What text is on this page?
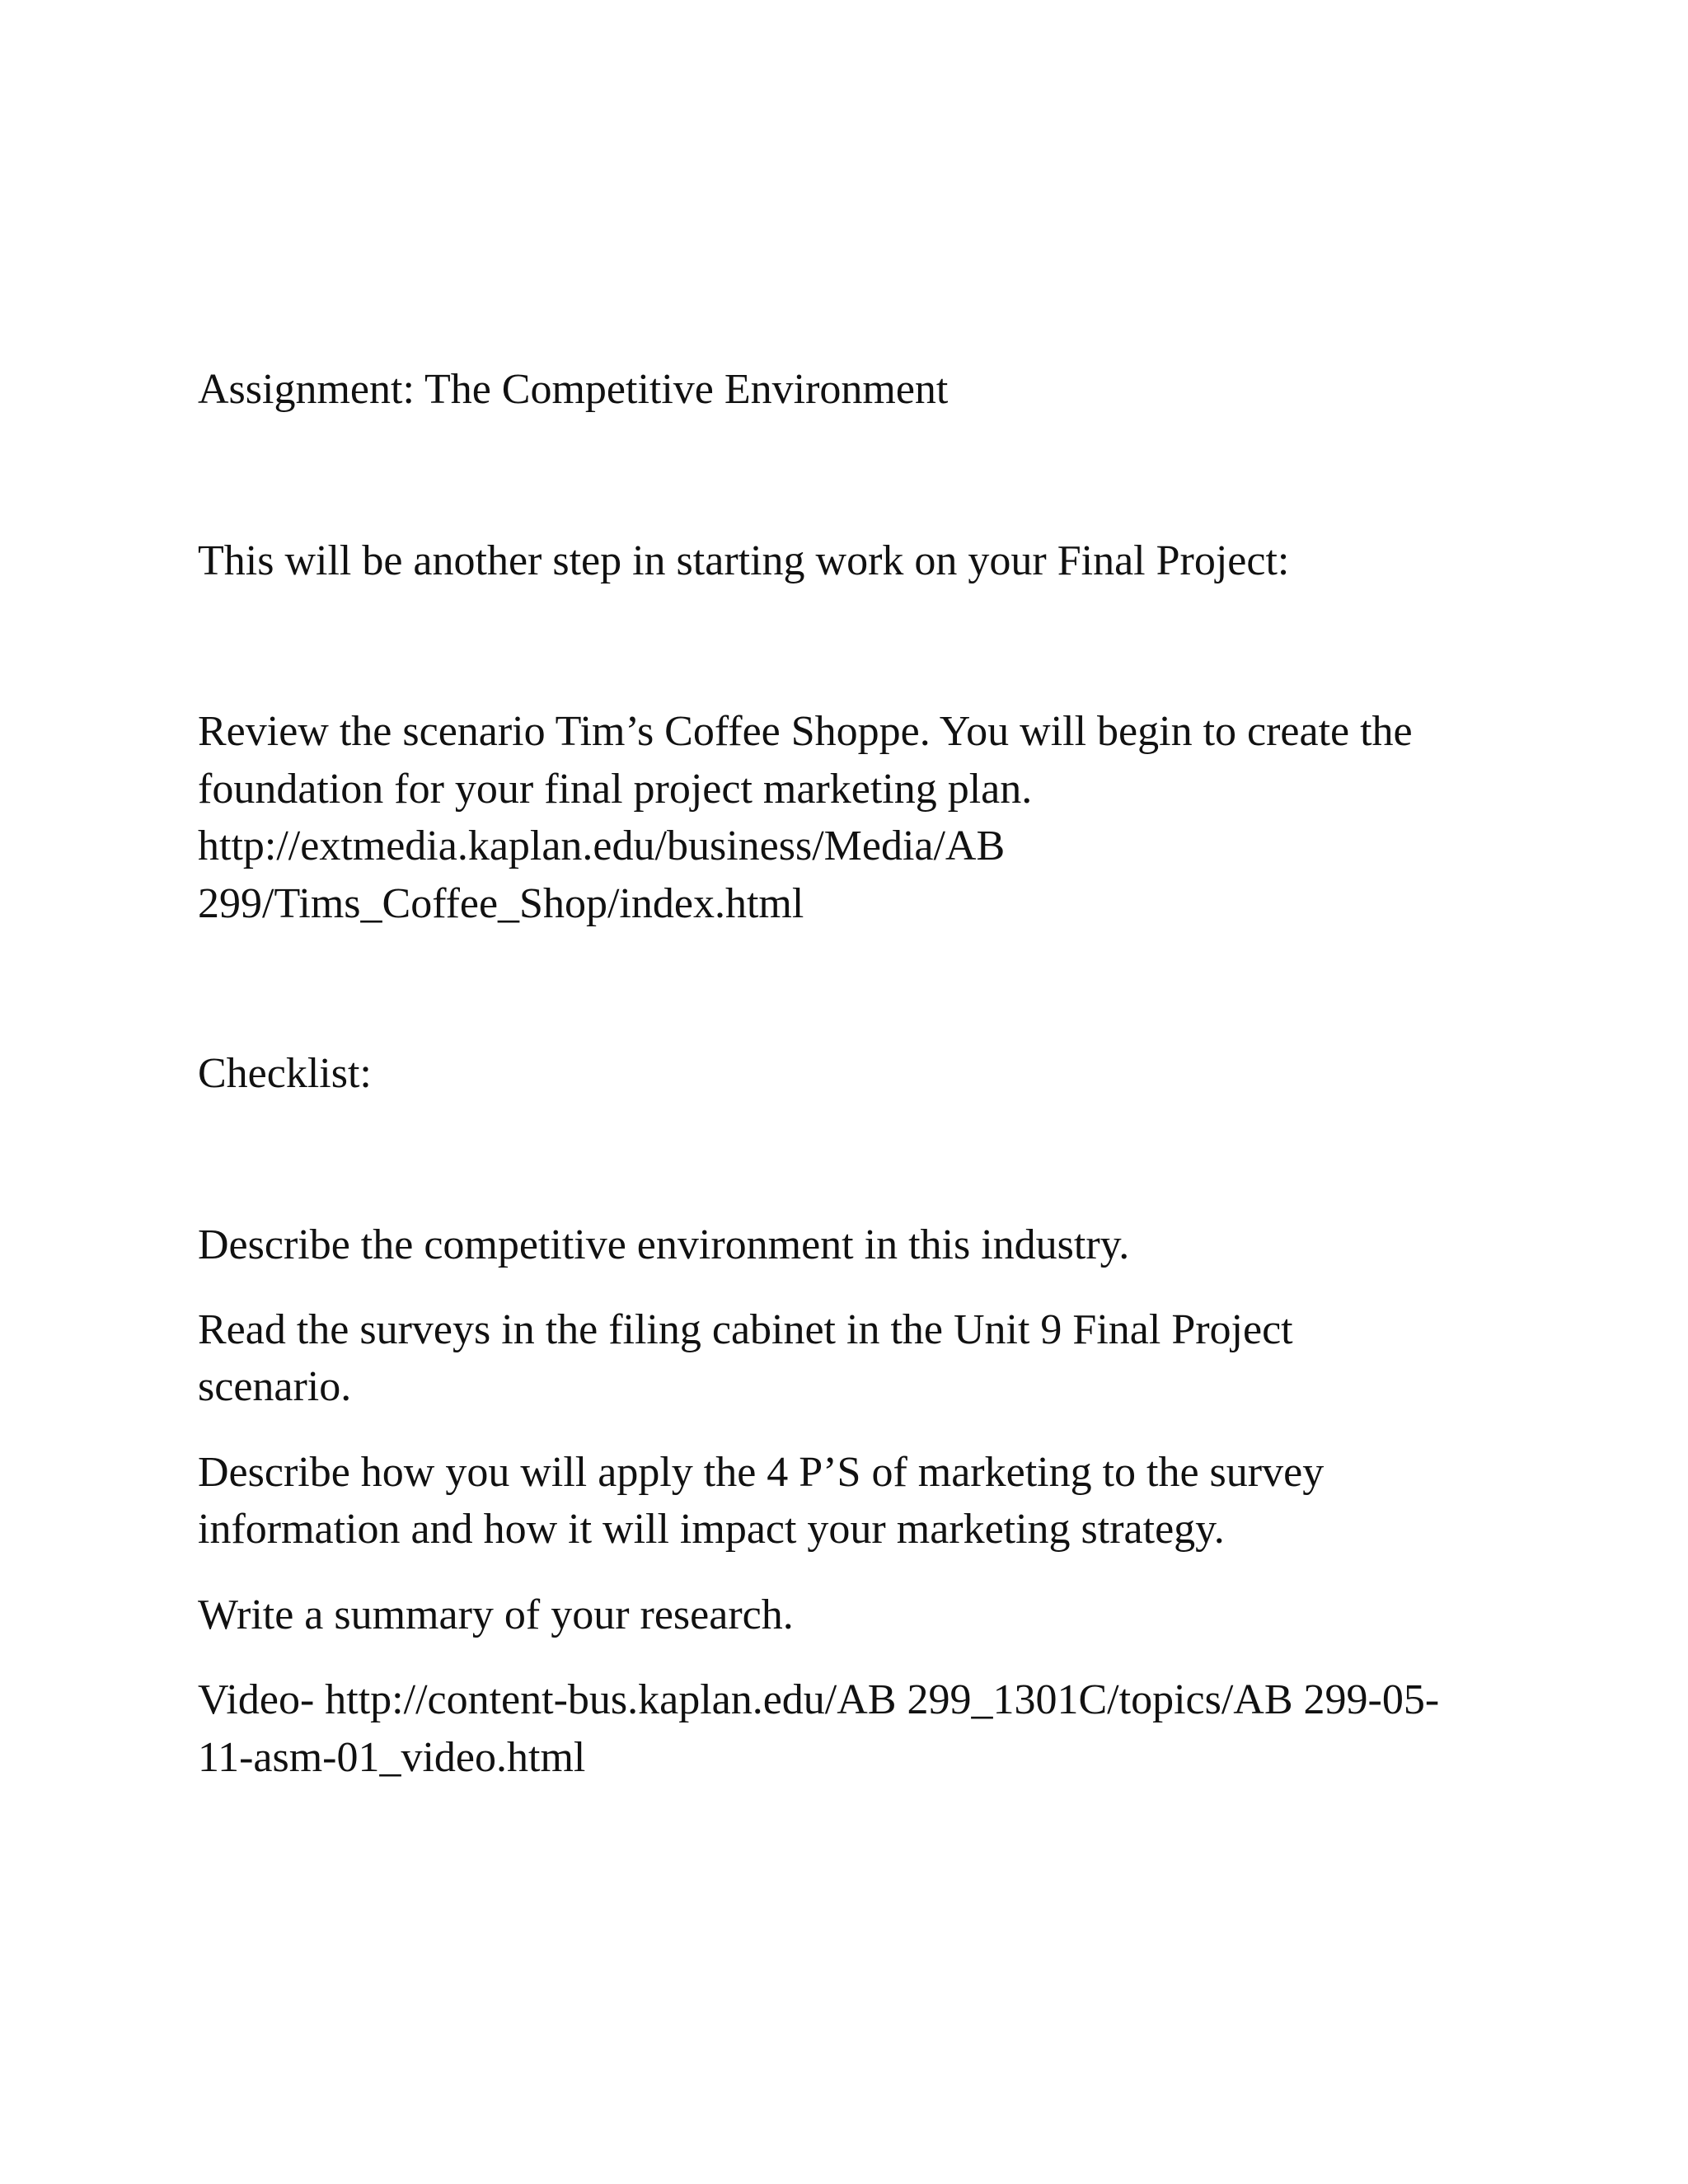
Assignment: The Competitive Environment

This will be another step in starting work on your Final Project:

Review the scenario Tim’s Coffee Shoppe. You will begin to create the

foundation for your final project marketing plan.

http://extmedia.kaplan.edu/business/Media/AB

299/Tims_Coffee_Shop/index.html

Checklist:

Describe the competitive environment in this industry.

Read the surveys in the filing cabinet in the Unit 9 Final Project

scenario.

Describe how you will apply the 4 P’S of marketing to the survey

information and how it will impact your marketing strategy.

Write a summary of your research.

Video- http://content-bus.kaplan.edu/AB 299_1301C/topics/AB 299-05-

11-asm-01_video.html
